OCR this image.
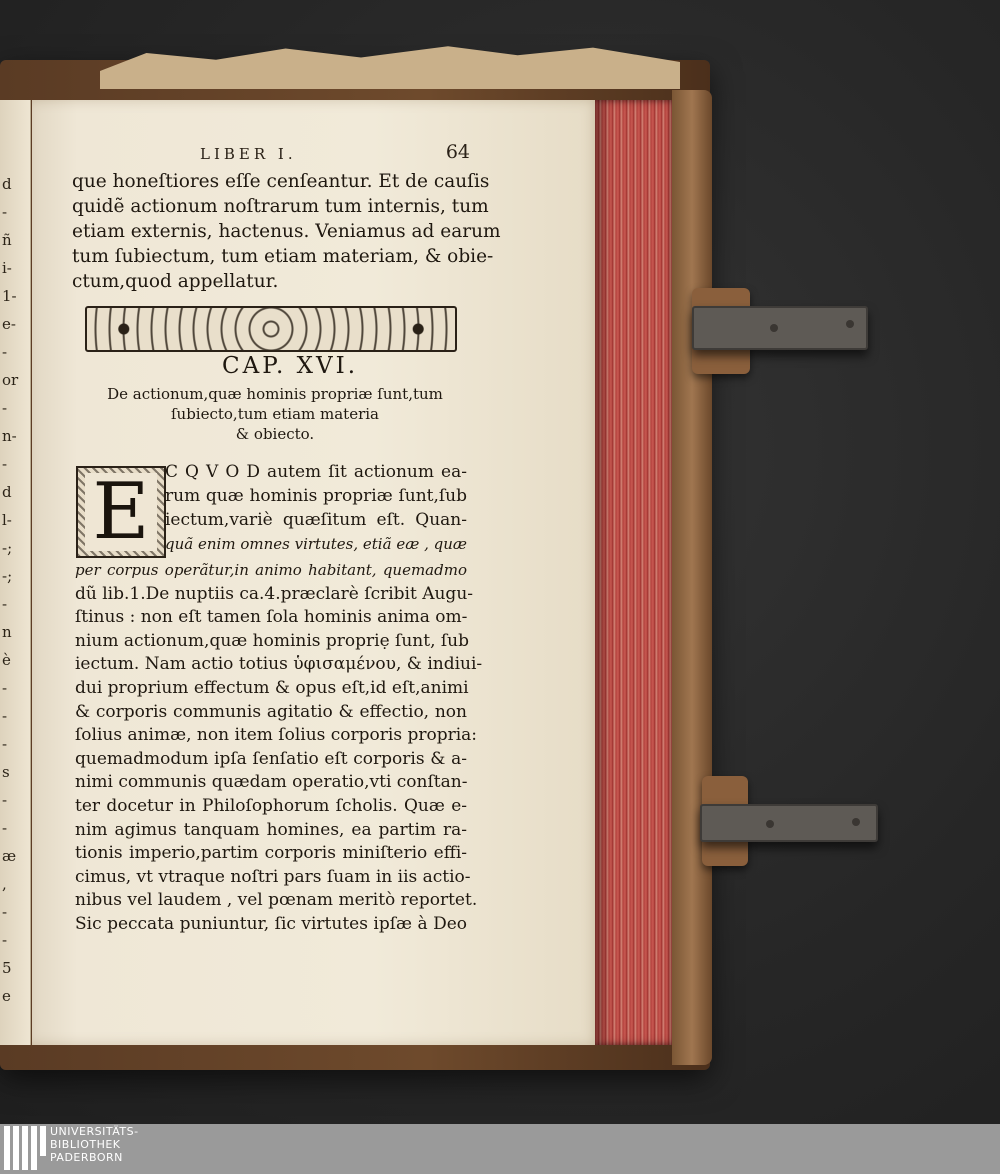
d
-
ñ
i-
1-
e-
-
or
-
n-
-
d
l-
-;
-;
-
n
è
-
-
-
s
-
-
æ
,
-
-
5
e
LIBER I.	64
que honeſtiores eſſe cenſeantur. Et de cauſis
quidẽ actionum noſtrarum tum internis, tum
etiam externis, hactenus. Veniamus ad earum
tum ſubiectum, tum etiam materiam, & obie-
ctum,quod appellatur.
CAP. XVI.
De actionum,quæ hominis propriæ ſunt,tum
ſubiecto,tum etiam materia
& obiecto.
E C Q V O D autem ſit actionum ea-
rum quæ hominis propriæ ſunt,ſub
iectum,variè quæſitum eſt. Quan-
quã enim omnes virtutes, etiã eæ , quæ
per corpus operãtur,in animo habitant, quemadmo
dũ lib.1.De nuptiis ca.4.præclarè ſcribit Augu-
ſtinus : non eſt tamen ſola hominis anima om-
nium actionum,quæ hominis propriẹ ſunt, ſub
iectum. Nam actio totius ὑφισαμένου, & indiui-
dui proprium effectum & opus eſt,id eſt,animi
& corporis communis agitatio & effectio, non
ſolius animæ, non item ſolius corporis propria:
quemadmodum ipſa ſenſatio eſt corporis & a-
nimi communis quædam operatio,vti conſtan-
ter docetur in Philoſophorum ſcholis. Quæ e-
nim agimus tanquam homines, ea partim ra-
tionis imperio,partim corporis miniſterio effi-
cimus, vt vtraque noſtri pars ſuam in iis actio-
nibus vel laudem , vel pœnam meritò reportet.
Sic peccata puniuntur, ſic virtutes ipſæ à Deo
UNIVERSITÄTS-
BIBLIOTHEK
PADERBORN
